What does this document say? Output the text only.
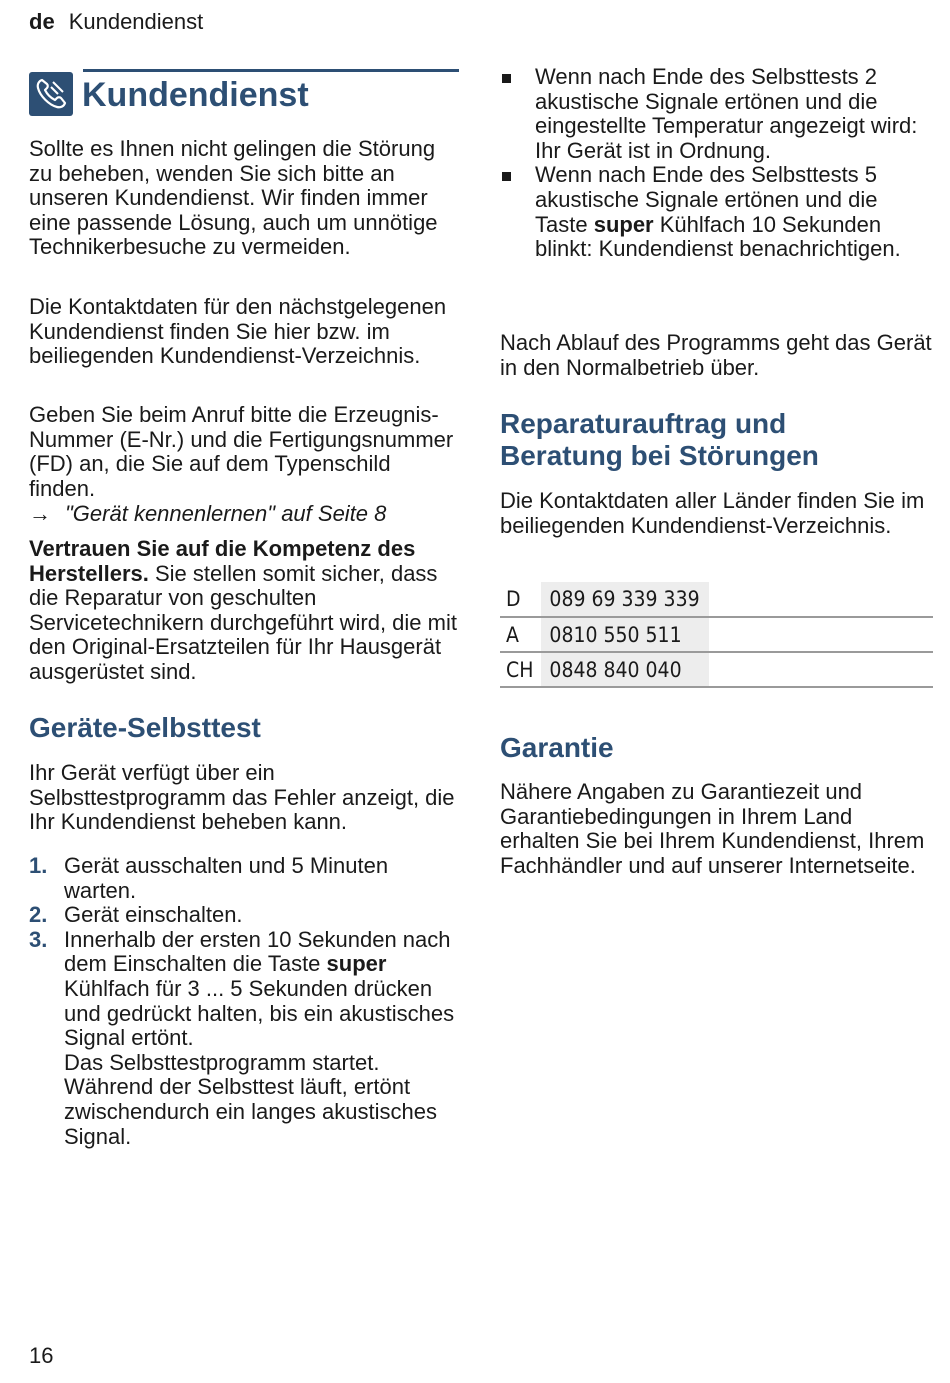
de Kundendienst
Kundendienst

Sollte es Ihnen nicht gelingen die Störung zu beheben, wenden Sie sich bitte an unseren Kundendienst. Wir finden immer eine passende Lösung, auch um unnötige Technikerbesuche zu vermeiden.

Die Kontaktdaten für den nächstgelegenen Kundendienst finden Sie hier bzw. im beiliegenden Kundendienst-Verzeichnis.

Geben Sie beim Anruf bitte die Erzeugnis-Nummer (E-Nr.) und die Fertigungsnummer (FD) an, die Sie auf dem Typenschild finden.

→ "Gerät kennenlernen" auf Seite 8

Vertrauen Sie auf die Kompetenz des Herstellers. Sie stellen somit sicher, dass die Reparatur von geschulten Servicetechnikern durchgeführt wird, die mit den Original-Ersatzteilen für Ihr Hausgerät ausgerüstet sind.

Geräte-Selbsttest

Ihr Gerät verfügt über ein Selbsttestprogramm das Fehler anzeigt, die Ihr Kundendienst beheben kann.

1. Gerät ausschalten und 5 Minuten warten.
2. Gerät einschalten.
3. Innerhalb der ersten 10 Sekunden nach dem Einschalten die Taste super Kühlfach für 3 ... 5 Sekunden drücken und gedrückt halten, bis ein akustisches Signal ertönt.
Das Selbsttestprogramm startet. Während der Selbsttest läuft, ertönt zwischendurch ein langes akustisches Signal.
Wenn nach Ende des Selbsttests 2 akustische Signale ertönen und die eingestellte Temperatur angezeigt wird: Ihr Gerät ist in Ordnung.
Wenn nach Ende des Selbsttests 5 akustische Signale ertönen und die Taste super Kühlfach 10 Sekunden blinkt: Kundendienst benachrichtigen.

Nach Ablauf des Programms geht das Gerät in den Normalbetrieb über.

Reparaturauftrag und
Beratung bei Störungen

Die Kontaktdaten aller Länder finden Sie im beiliegenden Kundendienst-Verzeichnis.

D	089 69 339 339	
A	0810 550 511	
CH	0848 840 040	
Garantie

Nähere Angaben zu Garantiezeit und Garantiebedingungen in Ihrem Land erhalten Sie bei Ihrem Kundendienst, Ihrem Fachhändler und auf unserer Internetseite.

16
